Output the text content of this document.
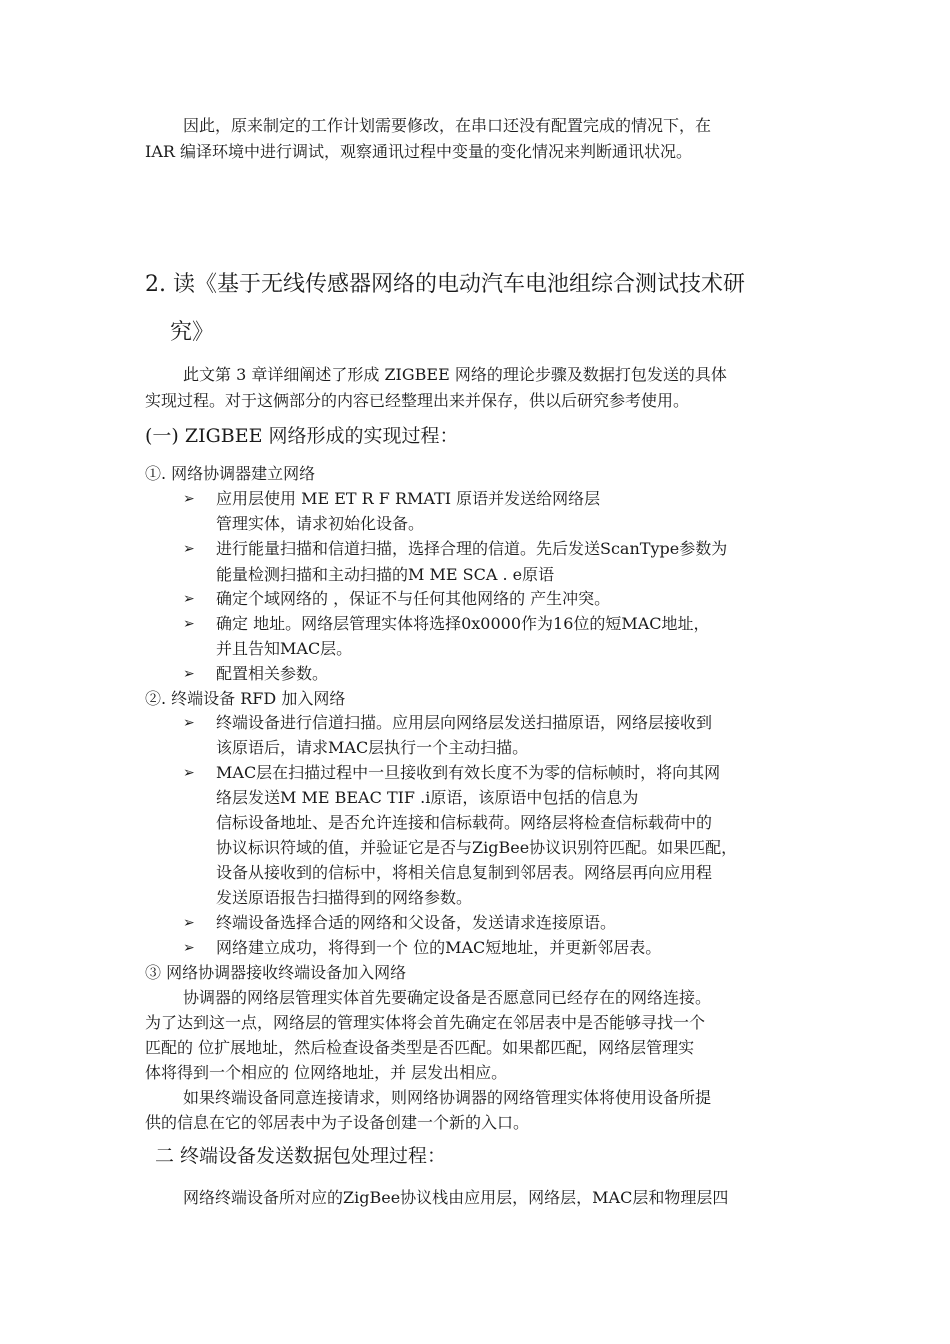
因此，原来制定的工作计划需要修改，在串口还没有配置完成的情况下，在
IAR 编译环境中进行调试，观察通讯过程中变量的变化情况来判断通讯状况。
2. 读《基于无线传感器网络的电动汽车电池组综合测试技术研
究》
此文第 3 章详细阐述了形成 ZIGBEE 网络的理论步骤及数据打包发送的具体
实现过程。对于这俩部分的内容已经整理出来并保存，供以后研究参考使用。
(一) ZIGBEE 网络形成的实现过程：
①. 网络协调器建立网络
➢ 应用层使用 ME ET R F RMATI 原语并发送给网络层
管理实体，请求初始化设备。
➢ 进行能量扫描和信道扫描，选择合理的信道。先后发送ScanType参数为
能量检测扫描和主动扫描的M ME SCA . e原语
➢ 确定个域网络的 ，保证不与任何其他网络的 产生冲突。
➢ 确定 地址。网络层管理实体将选择0x0000作为16位的短MAC地址，
并且告知MAC层。
➢ 配置相关参数。
②. 终端设备 RFD 加入网络
➢ 终端设备进行信道扫描。应用层向网络层发送扫描原语，网络层接收到
该原语后，请求MAC层执行一个主动扫描。
➢ MAC层在扫描过程中一旦接收到有效长度不为零的信标帧时，将向其网
络层发送M ME BEAC TIF .i原语，该原语中包括的信息为
信标设备地址、是否允许连接和信标载荷。网络层将检查信标载荷中的
协议标识符域的值，并验证它是否与ZigBee协议识别符匹配。如果匹配，
设备从接收到的信标中，将相关信息复制到邻居表。网络层再向应用程
发送原语报告扫描得到的网络参数。
➢ 终端设备选择合适的网络和父设备，发送请求连接原语。
➢ 网络建立成功，将得到一个 位的MAC短地址，并更新邻居表。
③ 网络协调器接收终端设备加入网络
协调器的网络层管理实体首先要确定设备是否愿意同已经存在的网络连接。
为了达到这一点，网络层的管理实体将会首先确定在邻居表中是否能够寻找一个
匹配的 位扩展地址，然后检查设备类型是否匹配。如果都匹配，网络层管理实
体将得到一个相应的 位网络地址，并 层发出相应。
如果终端设备同意连接请求，则网络协调器的网络管理实体将使用设备所提
供的信息在它的邻居表中为子设备创建一个新的入口。
二 终端设备发送数据包处理过程：
网络终端设备所对应的ZigBee协议栈由应用层，网络层，MAC层和物理层四
